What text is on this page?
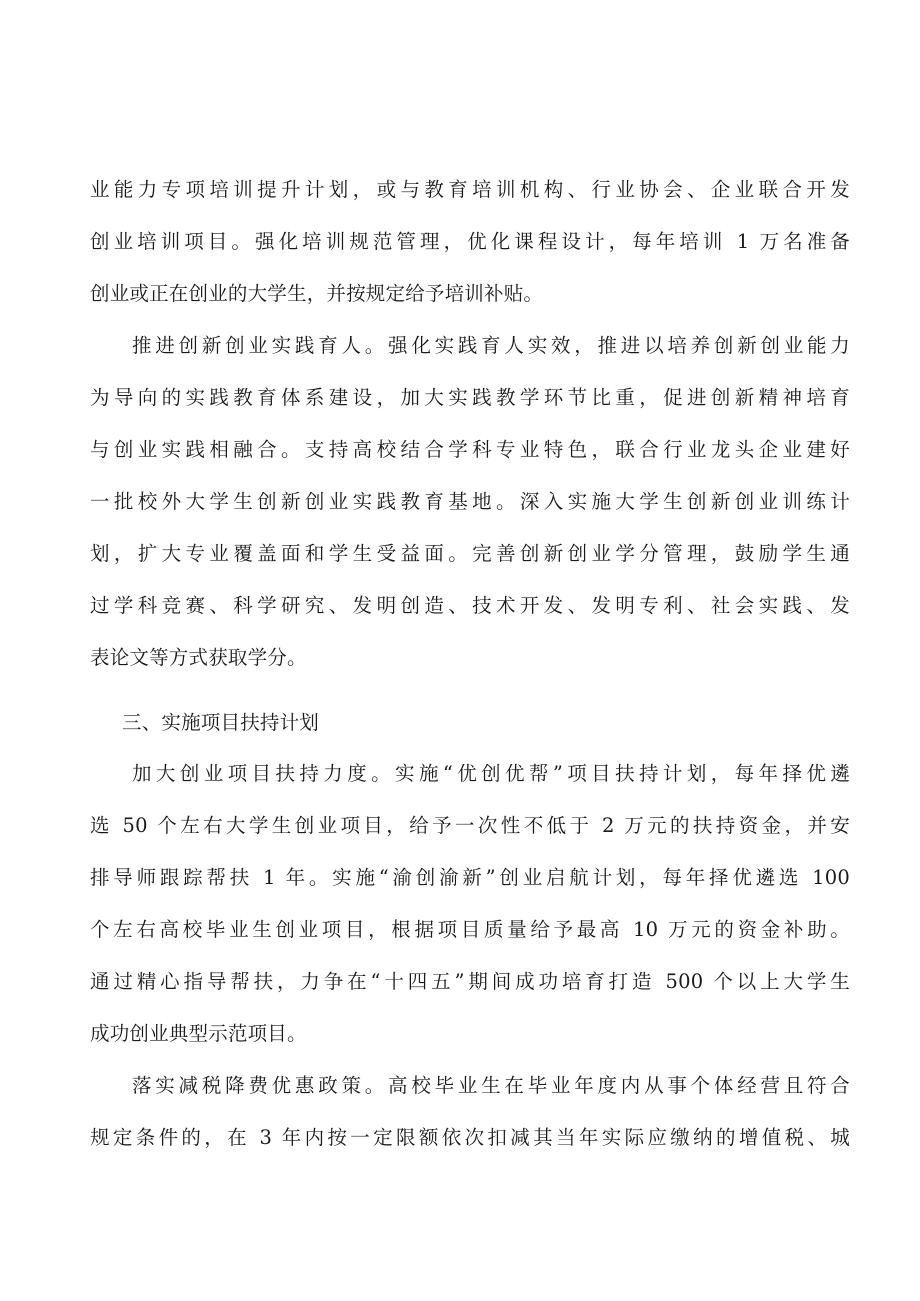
业能力专项培训提升计划，或与教育培训机构、行业协会、企业联合开发
创业培训项目。强化培训规范管理，优化课程设计，每年培训 1 万名准备
创业或正在创业的大学生，并按规定给予培训补贴。
推进创新创业实践育人。强化实践育人实效，推进以培养创新创业能力
为导向的实践教育体系建设，加大实践教学环节比重，促进创新精神培育
与创业实践相融合。支持高校结合学科专业特色，联合行业龙头企业建好
一批校外大学生创新创业实践教育基地。深入实施大学生创新创业训练计
划，扩大专业覆盖面和学生受益面。完善创新创业学分管理，鼓励学生通
过学科竞赛、科学研究、发明创造、技术开发、发明专利、社会实践、发
表论文等方式获取学分。
三、实施项目扶持计划
加大创业项目扶持力度。实施“优创优帮”项目扶持计划，每年择优遴
选 50 个左右大学生创业项目，给予一次性不低于 2 万元的扶持资金，并安
排导师跟踪帮扶 1 年。实施“渝创渝新”创业启航计划，每年择优遴选 100
个左右高校毕业生创业项目，根据项目质量给予最高 10 万元的资金补助。
通过精心指导帮扶，力争在“十四五”期间成功培育打造 500 个以上大学生
成功创业典型示范项目。
落实减税降费优惠政策。高校毕业生在毕业年度内从事个体经营且符合
规定条件的，在 3 年内按一定限额依次扣减其当年实际应缴纳的增值税、城
